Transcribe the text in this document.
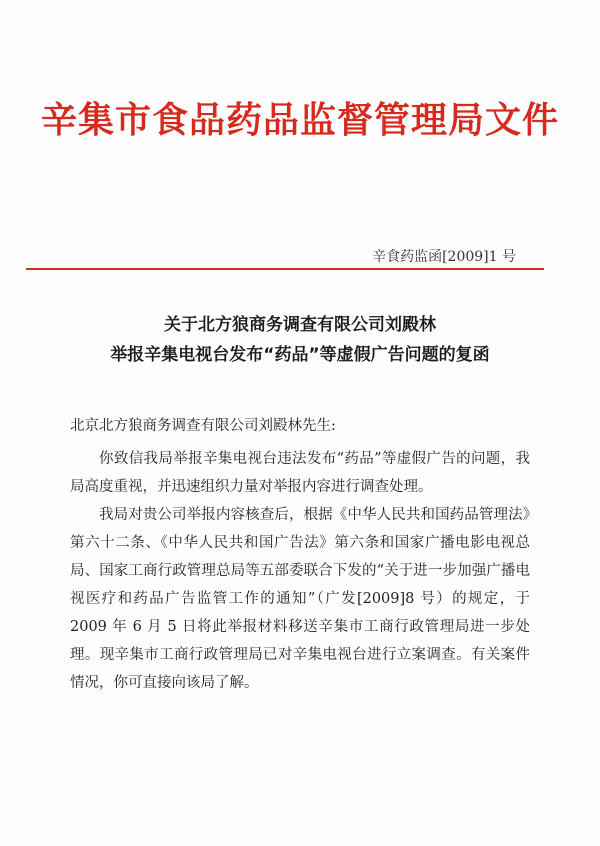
辛集市食品药品监督管理局文件
辛食药监函[2009]1 号
关于北方狼商务调查有限公司刘殿林
举报辛集电视台发布“药品”等虚假广告问题的复函
北京北方狼商务调查有限公司刘殿林先生:

你致信我局举报辛集电视台违法发布“药品”等虚假广告的问题，我局高度重视，并迅速组织力量对举报内容进行调查处理。

我局对贵公司举报内容核查后，根据《中华人民共和国药品管理法》第六十二条、《中华人民共和国广告法》第六条和国家广播电影电视总局、国家工商行政管理总局等五部委联合下发的“关于进一步加强广播电视医疗和药品广告监管工作的通知”（广发[2009]8 号）的规定，于 2009 年 6 月 5 日将此举报材料移送辛集市工商行政管理局进一步处理。现辛集市工商行政管理局已对辛集电视台进行立案调查。有关案件情况，你可直接向该局了解。
